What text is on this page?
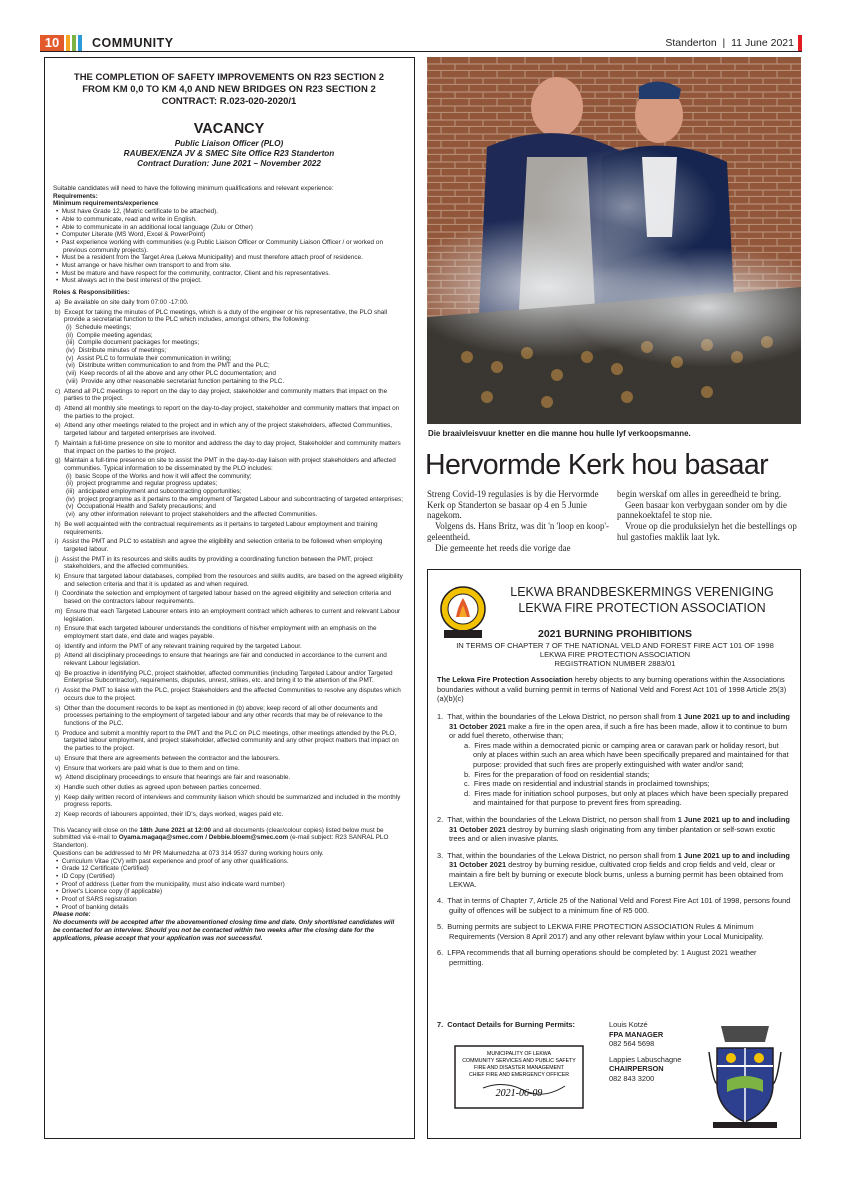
10	COMMUNITY	Standerton  |  11 June 2021
THE COMPLETION OF SAFETY IMPROVEMENTS ON R23 SECTION 2
FROM KM 0,0 TO KM 4,0 AND NEW BRIDGES ON R23 SECTION 2
CONTRACT: R.023-020-2020/1
VACANCY
Public Liaison Officer (PLO)
RAUBEX/ENZA JV & SMEC Site Office R23 Standerton
Contract Duration: June 2021 – November 2022

Suitable candidates will need to have the following minimum qualifications and relevant experience:

Requirements:

Minimum requirements/experience

•  Must have Grade 12, (Matric certificate to be attached).

•  Able to communicate, read and write in English.

•  Able to communicate in an additional local language (Zulu or Other)

•  Computer Literate (MS Word, Excel & PowerPoint)

•  Past experience working with communities (e.g Public Liaison Officer or Community Liaison Officer / or worked on previous community projects).

•  Must be a resident from the Target Area (Lekwa Municipality) and must therefore attach proof of residence.

•  Must arrange or have his/her own transport to and from site.

•  Must be mature and have respect for the community, contractor, Client and his representatives.

•  Must always act in the best interest of the project.

Roles & Responsibilities:

a) Be available on site daily from 07:00 -17:00.

b) Except for taking the minutes of PLC meetings, which is a duty of the engineer or his representative, the PLO shall provide a secretariat function to the PLC which includes, amongst others, the following:

(i) Schedule meetings;

(ii) Compile meeting agendas;

(iii) Compile document packages for meetings;

(iv) Distribute minutes of meetings;

(v) Assist PLC to formulate their communication in writing;

(vi) Distribute written communication to and from the PMT and the PLC;

(vii) Keep records of all the above and any other PLC documentation; and

(viii) Provide any other reasonable secretariat function pertaining to the PLC.

c) Attend all PLC meetings to report on the day to day project, stakeholder and community matters that impact on the parties to the project.

d) Attend all monthly site meetings to report on the day-to-day project, stakeholder and community matters that impact on the parties to the project.

e) Attend any other meetings related to the project and in which any of the project stakeholders, affected Communities, targeted labour and targeted enterprises are involved.

f) Maintain a full-time presence on site to monitor and address the day to day project, Stakeholder and community matters that impact on the parties to the project.

g) Maintain a full-time presence on site to assist the PMT in the day-to-day liaison with project stakeholders and affected communities. Typical information to be disseminated by the PLO includes:

(i) basic Scope of the Works and how it will affect the community;

(ii) project programme and regular progress updates;

(iii) anticipated employment and subcontracting opportunities;

(iv) project programme as it pertains to the employment of Targeted Labour and subcontracting of targeted enterprises;

(v) Occupational Health and Safety precautions; and

(vi) any other information relevant to project stakeholders and the affected Communities.

h) Be well acquainted with the contractual requirements as it pertains to targeted Labour employment and training requirements.

i) Assist the PMT and PLC to establish and agree the eligibility and selection criteria to be followed when employing targeted labour.

j) Assist the PMT in its resources and skills audits by providing a coordinating function between the PMT, project stakeholders, and the affected communities.

k) Ensure that targeted labour databases, compiled from the resources and skills audits, are based on the agreed eligibility and selection criteria and that it is updated as and when required.

l) Coordinate the selection and employment of targeted labour based on the agreed eligibility and selection criteria and based on the contractors labour requirements.

m) Ensure that each Targeted Labourer enters into an employment contract which adheres to current and relevant Labour legislation.

n) Ensure that each targeted labourer understands the conditions of his/her employment with an emphasis on the employment start date, end date and wages payable.

o) Identify and inform the PMT of any relevant training required by the targeted Labour.

p) Attend all disciplinary proceedings to ensure that hearings are fair and conducted in accordance to the current and relevant Labour legislation.

q) Be proactive in identifying PLC, project stakholder, affected communities (including Targeted Labour and/or Targeted Enterprise Subcontractor), requirements, disputes, unrest, strikes, etc. and bring it to the attention of the PMT.

r) Assist the PMT to liaise with the PLC, project Stakeholders and the affected Communities to resolve any disputes which occurs due to the project.

s) Other than the document records to be kept as mentioned in (b) above; keep record of all other documents and processes pertaining to the employment of targeted labour and any other records that may be of relevance to the functions of the PLC.

t) Produce and submit a monthly report to the PMT and the PLC on PLC meetings, other meetings attended by the PLO, targeted labour employment, and project stakeholder, affected community and any other project matters that impact on the parties to the project.

u) Ensure that there are agreements between the contractor and the labourers.

v) Ensure that workers are paid what is due to them and on time.

w) Attend disciplinary proceedings to ensure that hearings are fair and reasonable.

x) Handle such other duties as agreed upon between parties concerned.

y) Keep daily written record of interviews and community liaison which should be summarized and included in the monthly progress reports.

z) Keep records of labourers appointed, their ID's, days worked, wages paid etc.

This Vacancy will close on the 18th June 2021 at 12:00 and all documents (clear/colour copies) listed below must be submitted via e-mail to Oyama.magaqa@smec.com / Debbie.bloem@smec.com (e-mail subject: R23 SANRAL PLO Standerton).

Questions can be addressed to Mr PR Malumedzha at 073 314 9537 during working hours only.

•  Curriculum Vitae (CV) with past experience and proof of any other qualifications.

•  Grade 12 Certificate (Certified)

•  ID Copy (Certified)

•  Proof of address (Letter from the municipality, must also indicate ward number)

•  Driver's Licence copy (if applicable)

•  Proof of SARS registration

•  Proof of banking details

Please note:

No documents will be accepted after the abovementioned closing time and date. Only shortlisted candidates will be contacted for an interview. Should you not be contacted within two weeks after the closing date for the applications, please accept that your application was not successful.

Die braaivleisvuur knetter en die manne hou hulle lyf verkoopsmanne.
Hervormde Kerk hou basaar

Streng Covid-19 regulasies is by die Hervormde Kerk op Standerton se basaar op 4 en 5 Junie nagekom.

Volgens ds. Hans Britz, was dit 'n 'loop en koop'-geleentheid.

Die gemeente het reeds die vorige dae

begin werskaf om alles in gereedheid te bring.

Geen basaar kon verbygaan sonder om by die pannekoektafel te stop nie.

Vroue op die produksielyn het die bestellings op hul gastofies maklik laat lyk.

LEKWA BRANDBESKERMINGS VERENIGING
LEKWA FIRE PROTECTION ASSOCIATION
2021 BURNING PROHIBITIONS
IN TERMS OF CHAPTER 7 OF THE NATIONAL VELD AND FOREST FIRE ACT 101 OF 1998
LEKWA FIRE PROTECTION ASSOCIATION
REGISTRATION NUMBER 2883/01
The Lekwa Fire Protection Association hereby objects to any burning operations within the Associations boundaries without a valid burning permit in terms of National Veld and Forest Act 101 of 1998 Article 25(3)(a)(b)(c)
1.  That, within the boundaries of the Lekwa District, no person shall from 1 June 2021 up to and including 31 October 2021 make a fire in the open area, if such a fire has been made, allow it to continue to burn or add fuel thereto, otherwise than;

a. Fires made within a democrated picnic or camping area or caravan park or holiday resort, but only at places within such an area which have been specifically prepared and maintained for that purpose: provided that such fires are properly extinguished with water and/or sand;

b. Fires for the preparation of food on residential stands;

c. Fires made on residential and industrial stands in proclaimed townships;

d. Fires made for initiation school purposes, but only at places which have been specially prepared and maintained for that purpose to prevent fires from spreading.

2.  That, within the boundaries of the Lekwa District, no person shall from 1 June 2021 up to and including 31 October 2021 destroy by burning slash originating from any timber plantation or self-sown exotic trees and or alien invasive plants.
3.  That, within the boundaries of the Lekwa District, no person shall from 1 June 2021 up to and including 31 October 2021 destroy by burning residue, cultivated crop fields and crop fields and veld, clear or maintain a fire belt by burning or execute block burns, unless a burning permit has been obtained from LEKWA.
4.  That in terms of Chapter 7, Article 25 of the National Veld and Forest Fire Act 101 of 1998, persons found guilty of offences will be subject to a minimum fine of R5 000.
5.  Burning permits are subject to LEKWA FIRE PROTECTION ASSOCIATION Rules & Minimum Requirements (Version 8 April 2017) and any other relevant bylaw within your Local Municipality.
6.  LFPA recommends that all burning operations should be completed by: 1 August 2021 weather permitting.
7.  Contact Details for Burning Permits:	Louis Kotzé
FPA MANAGER
082 564 5698
Lappies Labuschagne
CHAIRPERSON
082 843 3200
MUNICIPALITY OF LEKWA
COMMUNITY SERVICES AND PUBLIC SAFETY
FIRE AND DISASTER MANAGEMENT
CHIEF FIRE AND EMERGENCY OFFICER
2021-06-09
